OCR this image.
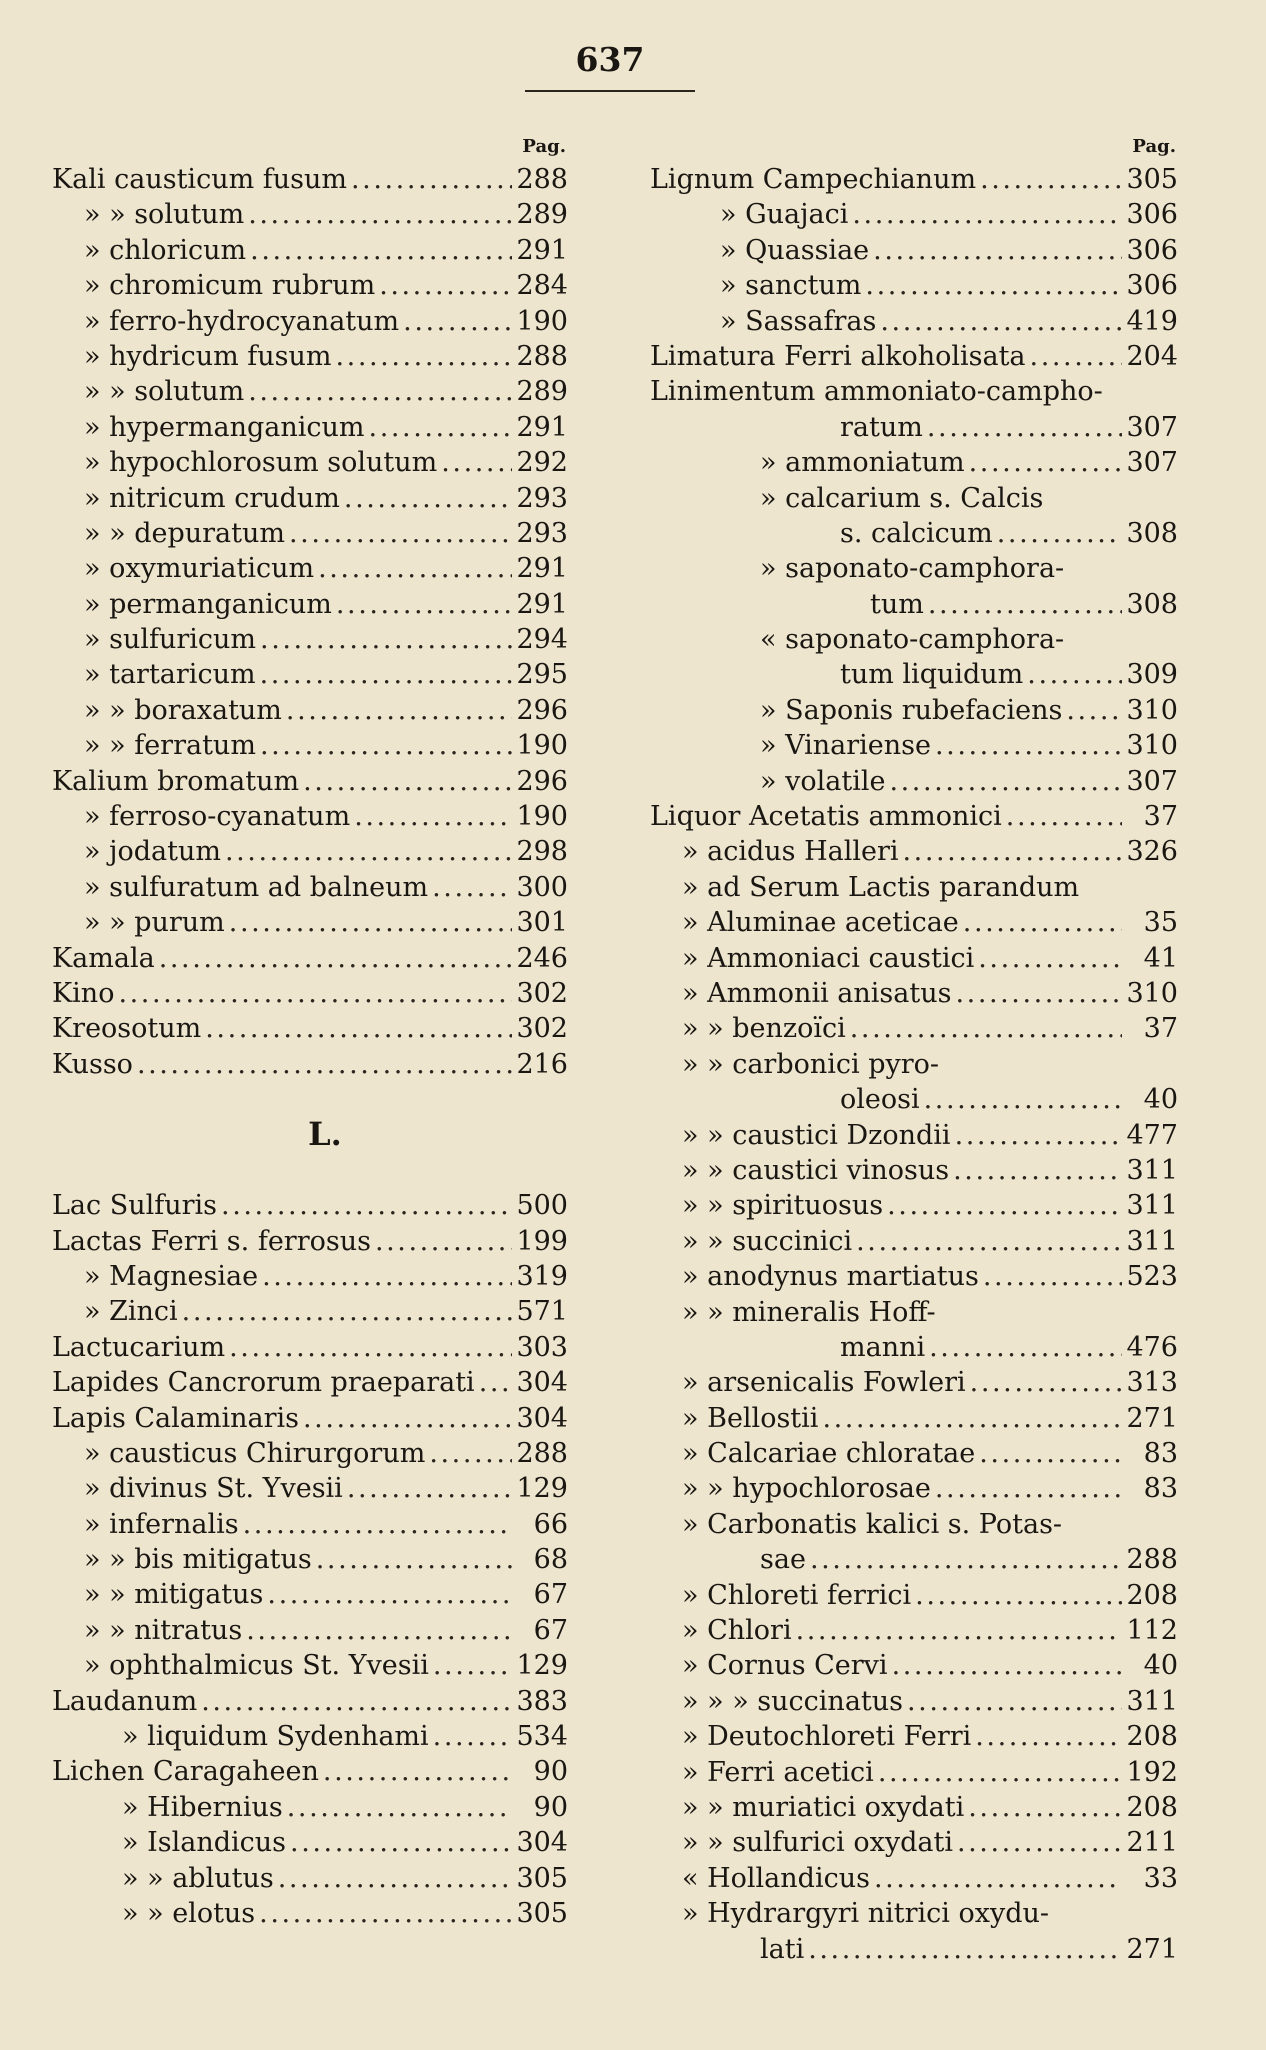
637
Pag.
Kali causticum fusum . . .	288
» » solutum . . .	289
» chloricum . . .	291
» chromicum rubrum . . .	284
» ferro-hydrocyanatum . . .	190
» hydricum fusum . . .	288
» » solutum . . .	289
» hypermanganicum . . .	291
» hypochlorosum solutum . . .	292
» nitricum crudum . . .	293
» » depuratum . . .	293
» oxymuriaticum . . .	291
» permanganicum . . .	291
» sulfuricum . . .	294
» tartaricum . . .	295
» » boraxatum . . .	296
» » ferratum . . .	190
Kalium bromatum . . .	296
» ferroso-cyanatum . . .	190
» jodatum . . .	298
» sulfuratum ad balneum . . .	300
» » purum . . .	301
Kamala . . .	246
Kino . . .	302
Kreosotum . . .	302
Kusso . . .	216
L.
Lac Sulfuris . . .	500
Lactas Ferri s. ferrosus . . .	199
» Magnesiae . . .	319
» Zinci . . .	571
Lactucarium . . .	303
Lapides Cancrorum praeparati . . . 304
Lapis Calaminaris . . .	304
» causticus Chirurgorum . . .	288
» divinus St. Yvesii . . .	129
» infernalis . . .	66
» » bis mitigatus . . .	68
» » mitigatus . . .	67
» » nitratus . . .	67
» ophthalmicus St. Yvesii . . .	129
Laudanum . . .	383
» liquidum Sydenhami . . .	534
Lichen Caragaheen . . .	90
» Hibernius . . .	90
» Islandicus . . .	304
» » ablutus . . .	305
» » elotus . . .	305
Pag.
Lignum Campechianum . . .	305
» Guajaci . . .	306
» Quassiae . . .	306
» sanctum . . .	306
» Sassafras . . .	419
Limatura Ferri alkoholisata . . .	204
Linimentum ammoniato-campho-
ratum . . .	307
» ammoniatum . . .	307
» calcarium s. Calcis
s. calcicum . . .	308
» saponato-camphora-
tum . . .	308
« saponato-camphora-
tum liquidum . . .	309
» Saponis rubefaciens . . . 310
» Vinariense . . .	310
» volatile . . .	307
Liquor Acetatis ammonici . . .	37
» acidus Halleri . . .	326
» ad Serum Lactis parandum
» Aluminae aceticae . . .	35
» Ammoniaci caustici . . .	41
» Ammonii anisatus . . .	310
» » benzoïci . . .	37
» » carbonici pyro-
oleosi . . .	40
» » caustici Dzondii . . .	477
» » caustici vinosus . . .	311
» » spirituosus . . .	311
» » succinici . . .	311
» anodynus martiatus . . .	523
» » mineralis Hoff-
manni . . .	476
» arsenicalis Fowleri . . .	313
» Bellostii . . .	271
» Calcariae chloratae . . .	83
» » hypochlorosae . . .	83
» Carbonatis kalici s. Potas-
sae . . .	288
» Chloreti ferrici . . .	208
» Chlori . . .	112
» Cornus Cervi . . .	40
» » » succinatus . . .	311
» Deutochloreti Ferri . . .	208
» Ferri acetici . . .	192
» » muriatici oxydati . . .	208
» » sulfurici oxydati . . .	211
« Hollandicus . . .	33
» Hydrargyri nitrici oxydu-
lati . . .	271
